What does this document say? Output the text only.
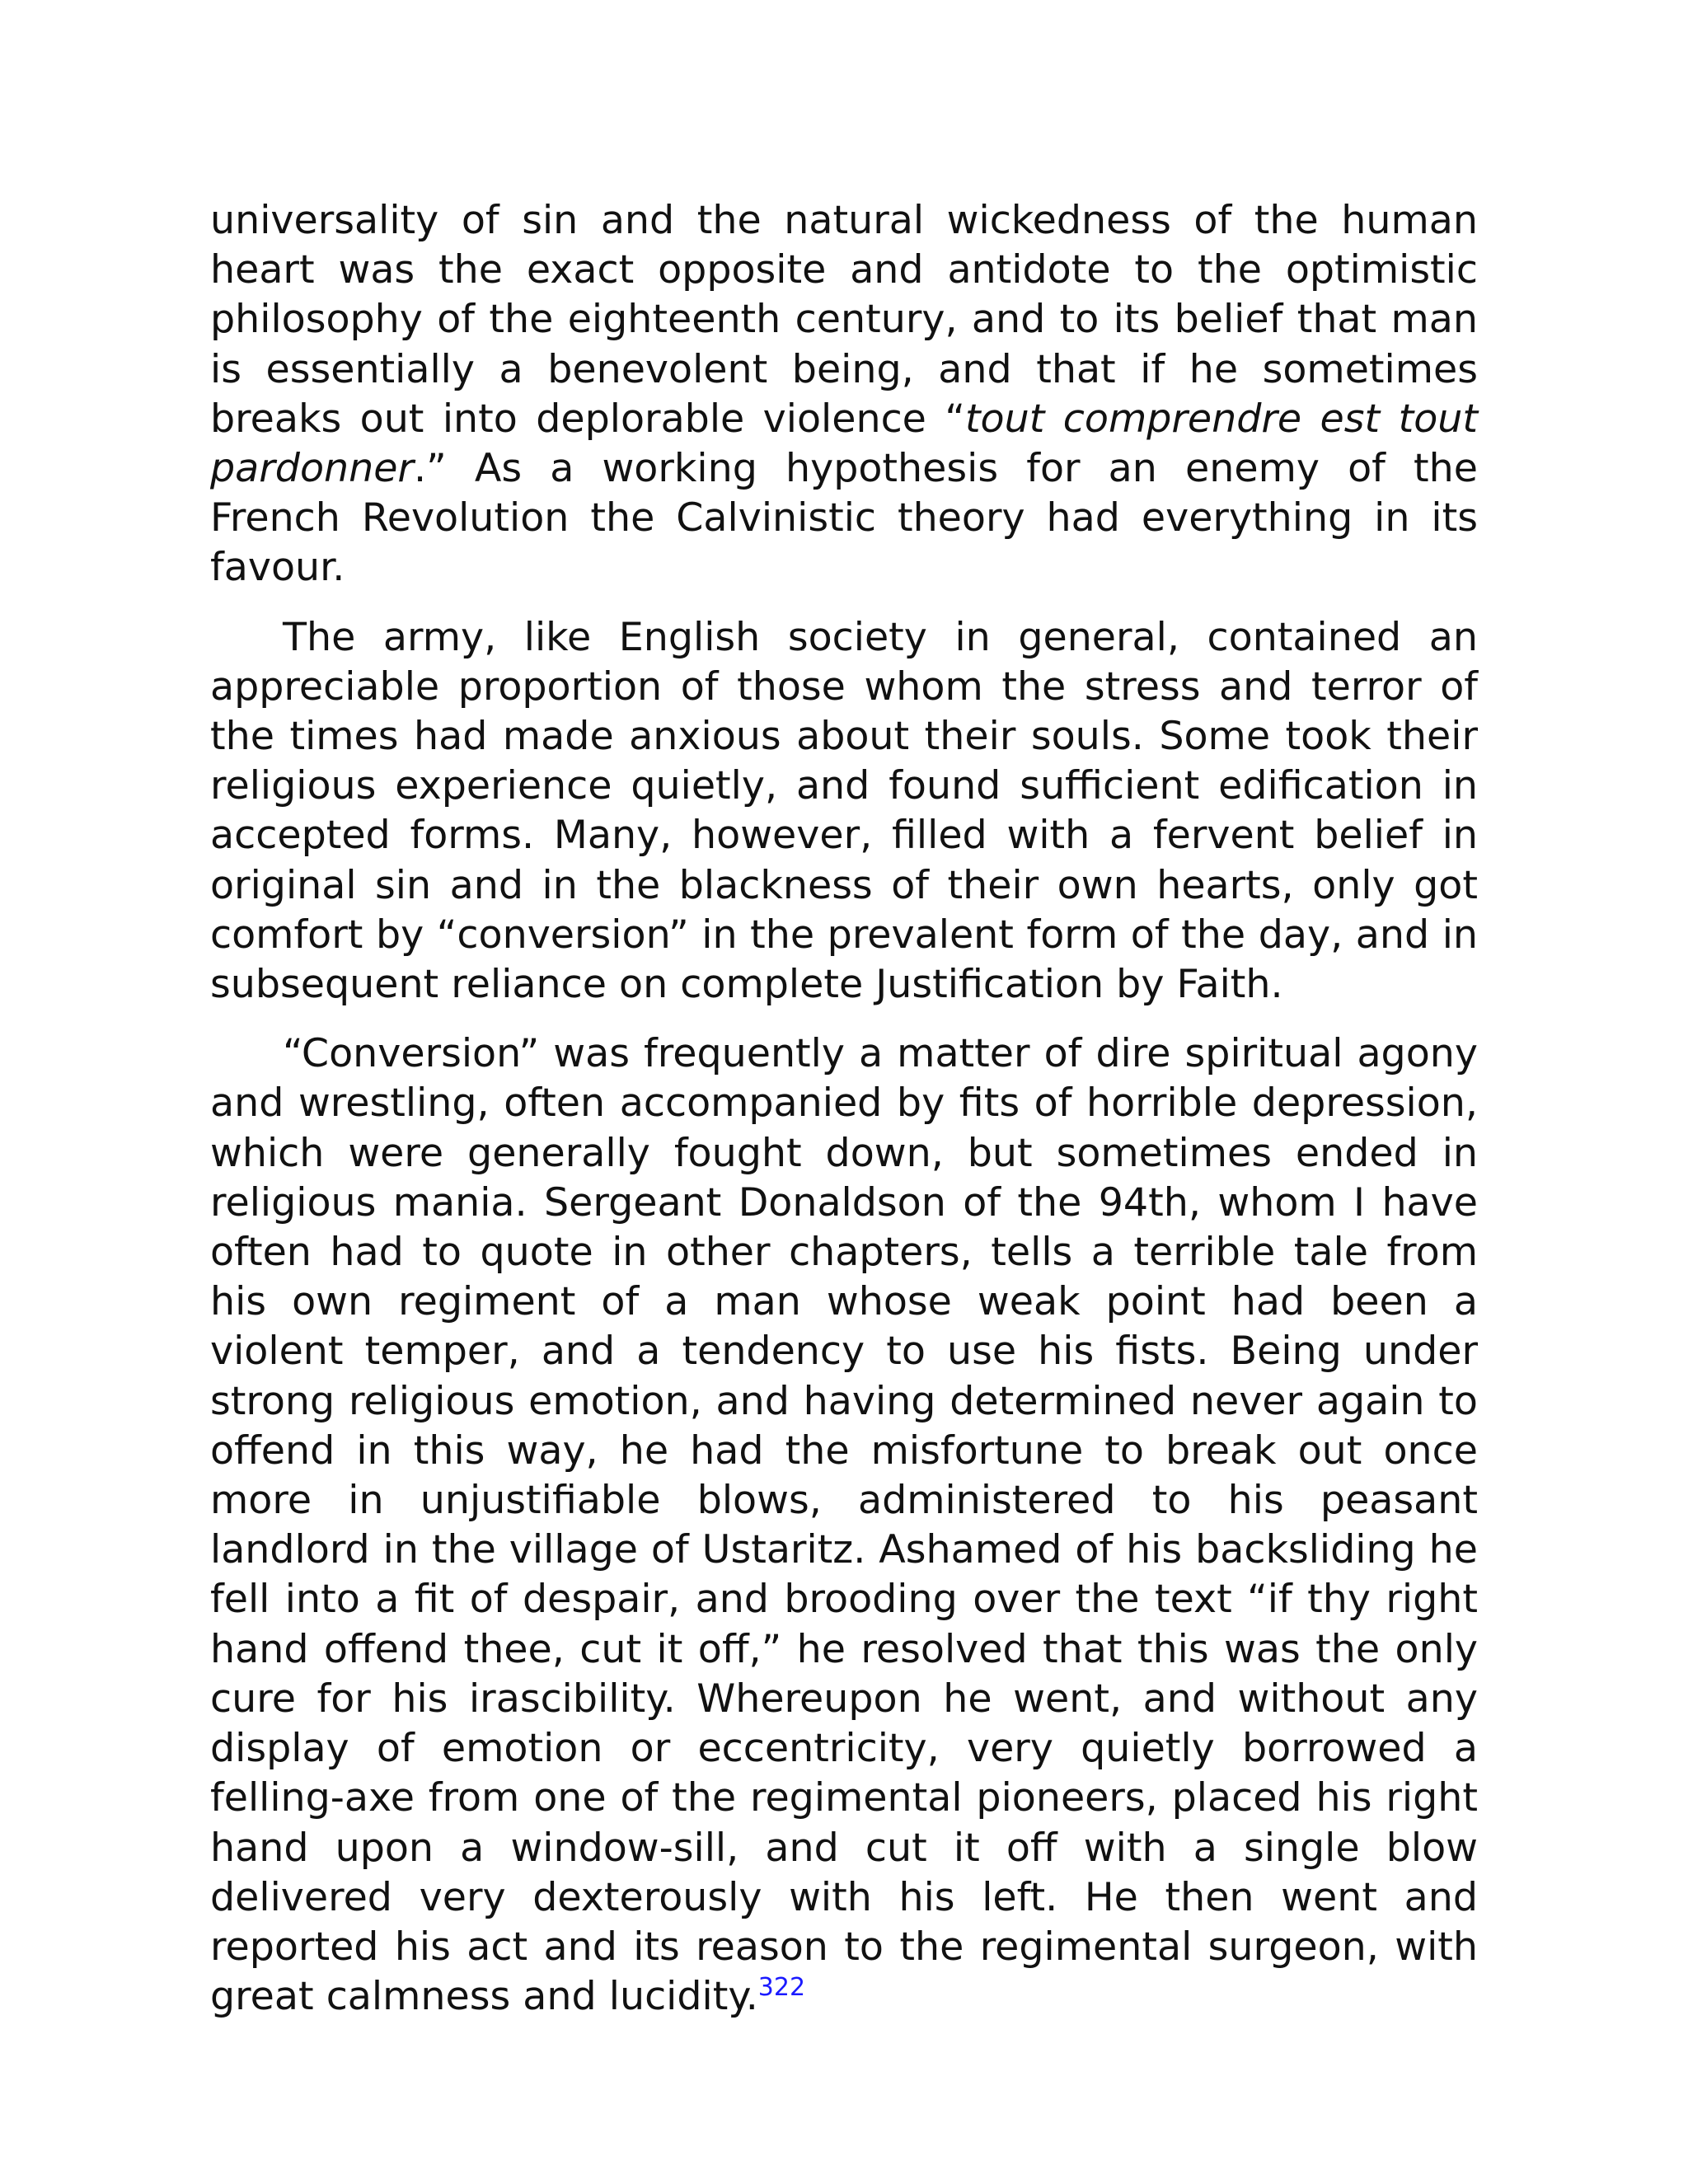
universality of sin and the natural wickedness of the human heart was the exact opposite and antidote to the optimistic philosophy of the eighteenth century, and to its belief that man is essentially a benevolent being, and that if he sometimes breaks out into deplorable violence “tout comprendre est tout pardonner.” As a working hypothesis for an enemy of the French Revolution the Calvinistic theory had everything in its favour.

The army, like English society in general, contained an appreciable proportion of those whom the stress and terror of the times had made anxious about their souls. Some took their religious experience quietly, and found sufficient edification in accepted forms. Many, however, filled with a fervent belief in original sin and in the blackness of their own hearts, only got comfort by “conversion” in the prevalent form of the day, and in subsequent reliance on complete Justification by Faith.

“Conversion” was frequently a matter of dire spiritual agony and wrestling, often accompanied by fits of horrible depression, which were generally fought down, but sometimes ended in religious mania. Sergeant Donaldson of the 94th, whom I have often had to quote in other chapters, tells a terrible tale from his own regiment of a man whose weak point had been a violent temper, and a tendency to use his fists. Being under strong religious emotion, and having determined never again to offend in this way, he had the misfortune to break out once more in unjustifiable blows, administered to his peasant landlord in the village of Ustaritz. Ashamed of his backsliding he fell into a fit of despair, and brooding over the text “if thy right hand offend thee, cut it off,” he resolved that this was the only cure for his irascibility. Whereupon he went, and without any display of emotion or eccentricity, very quietly borrowed a felling-axe from one of the regimental pioneers, placed his right hand upon a window-sill, and cut it off with a single blow delivered very dexterously with his left. He then went and reported his act and its reason to the regimental surgeon, with great calmness and lucidity.$^{322}$
